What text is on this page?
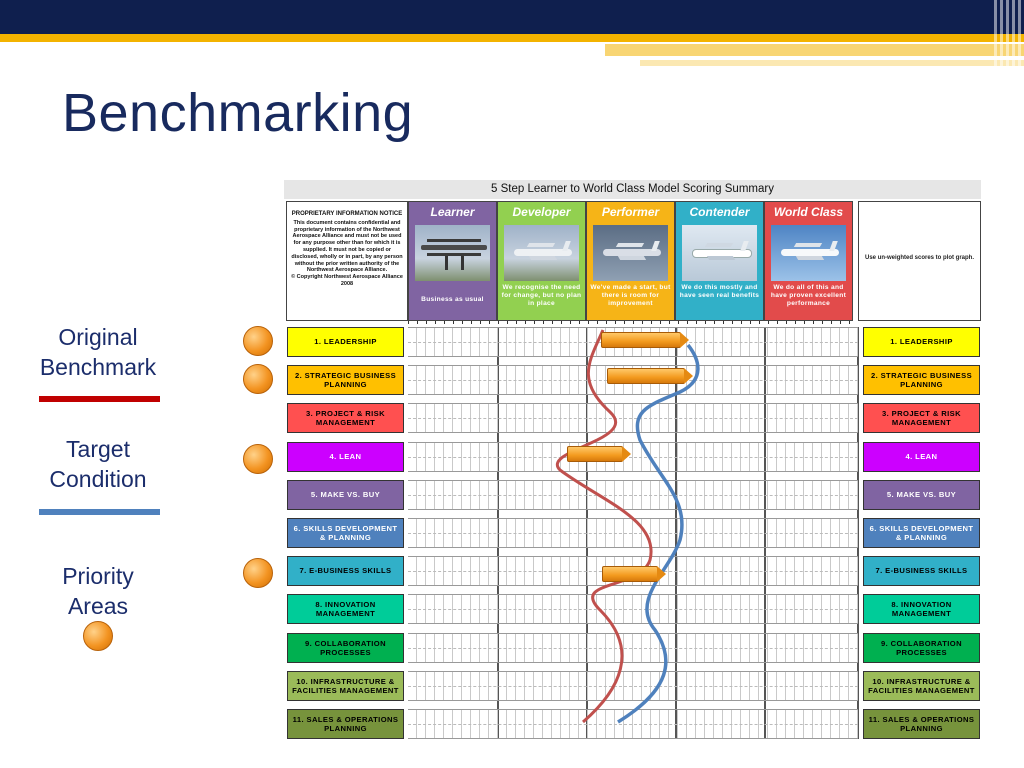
Benchmarking
Original
Benchmark
Target
Condition
Priority
Areas
5 Step Learner to World Class Model Scoring Summary
PROPRIETARY INFORMATION NOTICE
This document contains confidential and proprietary information of the Northwest Aerospace Alliance and must not be used for any purpose other than for which it is supplied. It must not be copied or disclosed, wholly or in part, by any person without the prior written authority of the Northwest Aerospace Alliance.
© Copyright Northwest Aerospace Alliance 2008
Learner
Business as usual
Developer
We recognise the need for change, but no plan in place
Performer
We've made a start, but there is room for improvement
Contender
We do this mostly and have seen real benefits
World Class
We do all of this and have proven excellent performance
Use un-weighted scores to plot graph.
1. LEADERSHIP	1. LEADERSHIP
2. STRATEGIC BUSINESS PLANNING
2. STRATEGIC BUSINESS PLANNING
3. PROJECT & RISK MANAGEMENT
3. PROJECT & RISK MANAGEMENT
4. LEAN	4. LEAN
5. MAKE VS. BUY	5. MAKE VS. BUY
6. SKILLS DEVELOPMENT & PLANNING
6. SKILLS DEVELOPMENT & PLANNING
7. E-BUSINESS SKILLS	7. E-BUSINESS SKILLS
8. INNOVATION MANAGEMENT
8. INNOVATION MANAGEMENT
9. COLLABORATION PROCESSES
9. COLLABORATION PROCESSES
10. INFRASTRUCTURE & FACILITIES MANAGEMENT
10. INFRASTRUCTURE & FACILITIES MANAGEMENT
11. SALES & OPERATIONS PLANNING
11. SALES & OPERATIONS PLANNING
